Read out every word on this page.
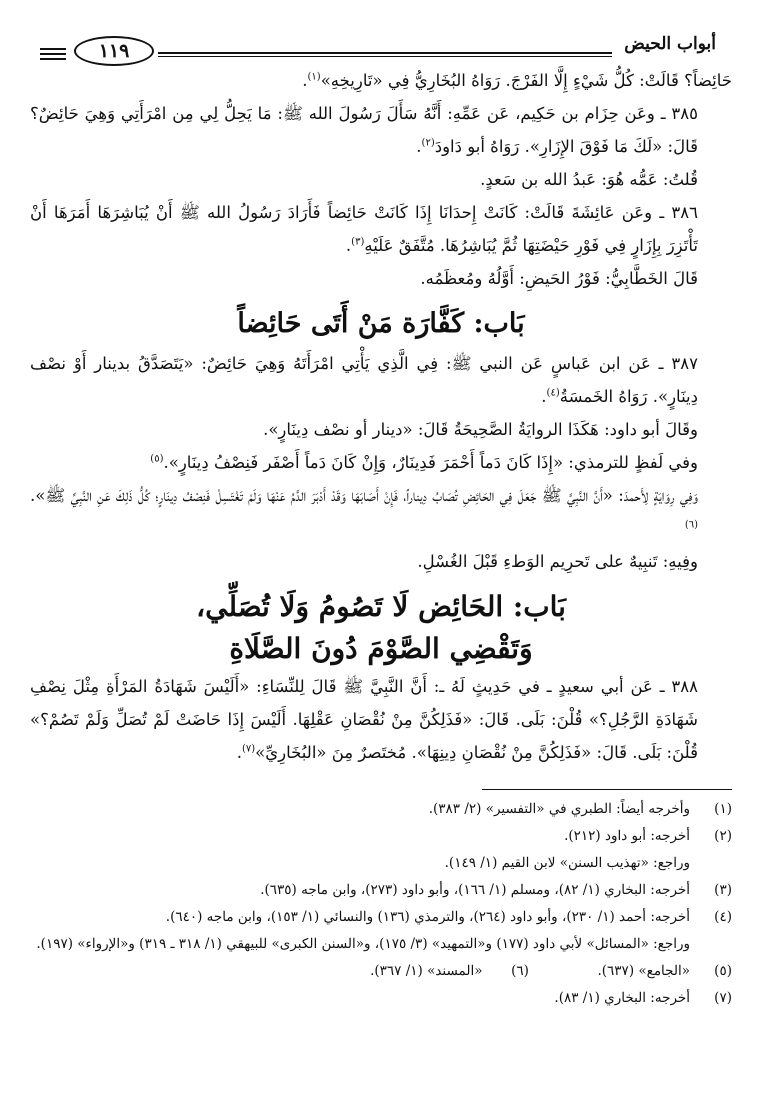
أبواب الحيض
١١٩

حَائِضاً؟ قَالَتْ: كُلُّ شَيْءٍ إِلَّا الفَرْجَ. رَوَاهُ البُخَارِيُّ فِي «تَارِيخِهِ»$^{(١)}$.

٣٨٥ ـ وعَن حِزَام بن حَكِيم، عَن عَمِّهِ: أَنَّهُ سَأَلَ رَسُولَ الله ﷺ: مَا يَحِلُّ لِي مِن امْرَأَتِي وَهِيَ حَائِضٌ؟ قَالَ: «لَكَ مَا فَوْقَ الإِزَارِ». رَوَاهُ أبو دَاودَ$^{(٢)}$.

قُلتُ: عَمُّه هُوَ: عَبدُ الله بن سَعدٍ.

٣٨٦ ـ وعَن عَائِشَةَ قَالَتْ: كَانَتْ إِحدَانَا إِذَا كَانَتْ حَائِضاً فَأَرَادَ رَسُولُ الله ﷺ أَنْ يُبَاشِرَهَا أَمَرَهَا أَنْ تَأْتَزِرَ بِإِزَارٍ فِي فَوْرِ حَيْضَتِهَا ثُمَّ يُبَاشِرُهَا. مُتَّفَقٌ عَلَيْهِ$^{(٣)}$.

قَالَ الخَطَّابِيُّ: فَوْرُ الحَيضِ: أَوَّلُهُ ومُعظَمُه.

بَاب: كَفَّارَة مَنْ أَتَى حَائِضاً

٣٨٧ ـ عَن ابن عَباسٍ عَن النبي ﷺ: فِي الَّذِي يَأْتِي امْرَأَتَهُ وَهِيَ حَائِضٌ: «يَتَصَدَّقُ بدينار أَوْ نصْف دِينَارٍ». رَوَاهُ الخَمسَةُ$^{(٤)}$.

وقَالَ أبو داود: هَكَذَا الروايَةُ الصَّحِيحَةُ قَالَ: «دينار أو نصْف دِينَارٍ».

وفي لَفظٍ للترمذي: «إِذَا كَانَ دَماً أَحْمَرَ فَدِينَارٌ، وَإِنْ كَانَ دَماً أَصْفَر فَنِصْفُ دِينَارٍ».$^{(٥)}$

وَفِي رِوَايَةٍ لِأَحمدَ: «أَنَّ النَّبِيَّ ﷺ جَعَلَ فِي الحَائِضِ تُصَابُ دِيناراً، فَإِنْ أَصَابَهَا وَقَدْ أَدْبَرَ الدَّمُ عَنْهَا وَلَمْ تَغْتَسِلْ فَنِصْفُ دِينَارٍ؛ كُلُّ ذَلِكَ عَنِ النَّبِيِّ ﷺ».$^{(٦)}$

وفِيهِ: تَنبِيهٌ على تَحرِيم الوَطءِ قَبْلَ الغُسْلِ.

بَاب: الحَائِض لَا تَصُومُ وَلَا تُصَلِّي،
وَتَقْضِي الصَّوْمَ دُونَ الصَّلَاةِ

٣٨٨ ـ عَن أبي سعيدٍ ـ في حَدِيثٍ لَهُ ـ: أَنَّ النَّبِيَّ ﷺ قَالَ لِلنِّسَاءِ: «أَلَيْسَ شَهَادَةُ المَرْأَةِ مِثْلَ نِصْفِ شَهَادَةِ الرَّجُلِ؟» قُلْنَ: بَلَى. قَالَ: «فَذَلِكُنَّ مِنْ نُقْصَانِ عَقْلِهَا. أَلَيْسَ إِذَا حَاضَتْ لَمْ تُصَلِّ وَلَمْ تَصُمْ؟» قُلْنَ: بَلَى. قَالَ: «فَذَلِكُنَّ مِنْ نُقْصَانِ دِينِهَا». مُختَصرٌ مِنَ «البُخَارِيِّ»$^{(٧)}$.

(١)
وأخرجه أيضاً: الطبري في «التفسير» (٢/ ٣٨٣).
(٢)
أخرجه: أبو داود (٢١٢).
وراجع: «تهذيب السنن» لابن القيم (١/ ١٤٩).
(٣)
أخرجه: البخاري (١/ ٨٢)، ومسلم (١/ ١٦٦)، وأبو داود (٢٧٣)، وابن ماجه (٦٣٥).
(٤)
أخرجه: أحمد (١/ ٢٣٠)، وأبو داود (٢٦٤)، والترمذي (١٣٦) والنسائي (١/ ١٥٣)، وابن ماجه (٦٤٠).
وراجع: «المسائل» لأبي داود (١٧٧) و«التمهيد» (٣/ ١٧٥)، و«السنن الكبرى» للبيهقي (١/ ٣١٨ ـ ٣١٩) و«الإرواء» (١٩٧).
(٥)
«الجامع» (٦٣٧).  (٦)  «المسند» (١/ ٣٦٧).
(٧)
أخرجه: البخاري (١/ ٨٣).
